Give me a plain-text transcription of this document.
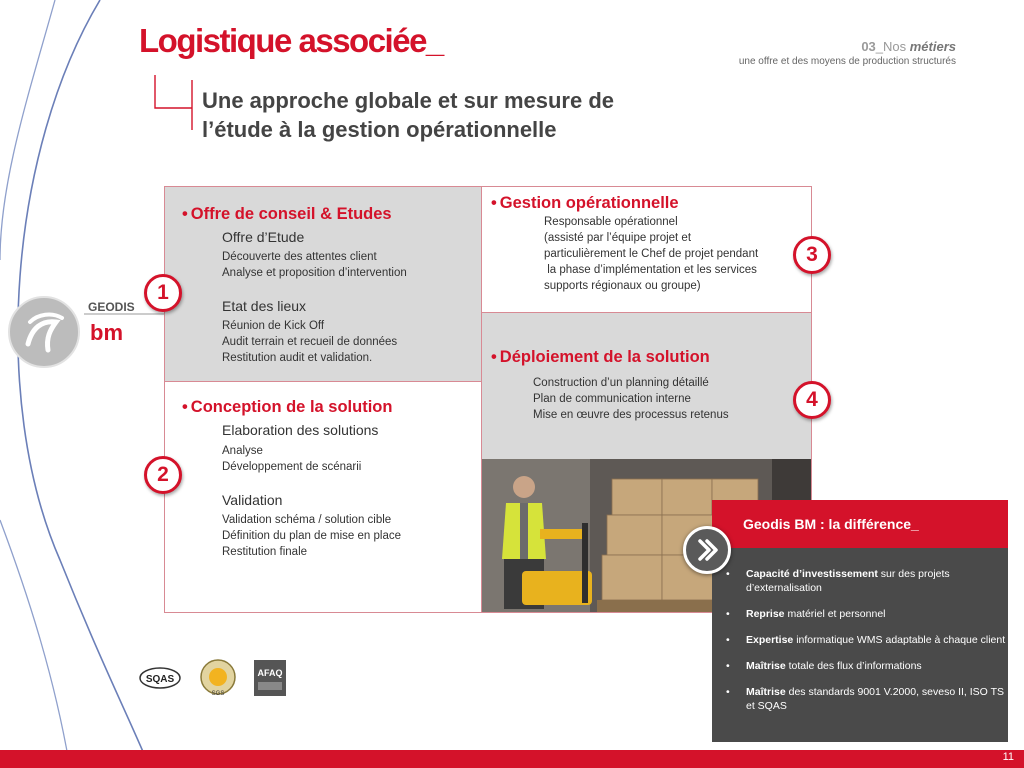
Logistique associée_	03_Nos métiers
une offre et des moyens de production structurés
Une approche globale et sur mesure de
l’étude à la gestion opérationnelle
GEODIS
bm
• Offre de conseil & Etudes
Offre d’Etude
Découverte des attentes client
Analyse et proposition d’intervention
Etat des lieux
Réunion de Kick Off
Audit terrain et recueil de données
Restitution audit et validation.
• Conception de la solution
Elaboration des solutions
Analyse
Développement de scénarii
Validation
Validation schéma / solution cible
Définition du plan de mise en place
Restitution finale
• Gestion opérationnelle
Responsable opérationnel
(assisté par l’équipe projet et
particulièrement le Chef de projet pendant
la phase d’implémentation et les services
supports régionaux ou groupe)
• Déploiement de la solution
Construction d’un planning détaillé
Plan de communication interne
Mise en œuvre des processus retenus
1
2
3
4
Geodis BM : la différence_
• Capacité d’investissement sur des projets d’externalisation
• Reprise matériel et personnel
• Expertise informatique WMS adaptable à chaque client
• Maîtrise totale des flux d’informations
• Maîtrise des standards 9001 V.2000, seveso II, ISO TS et SQAS
SQAS
SGS
AFAQ
11
